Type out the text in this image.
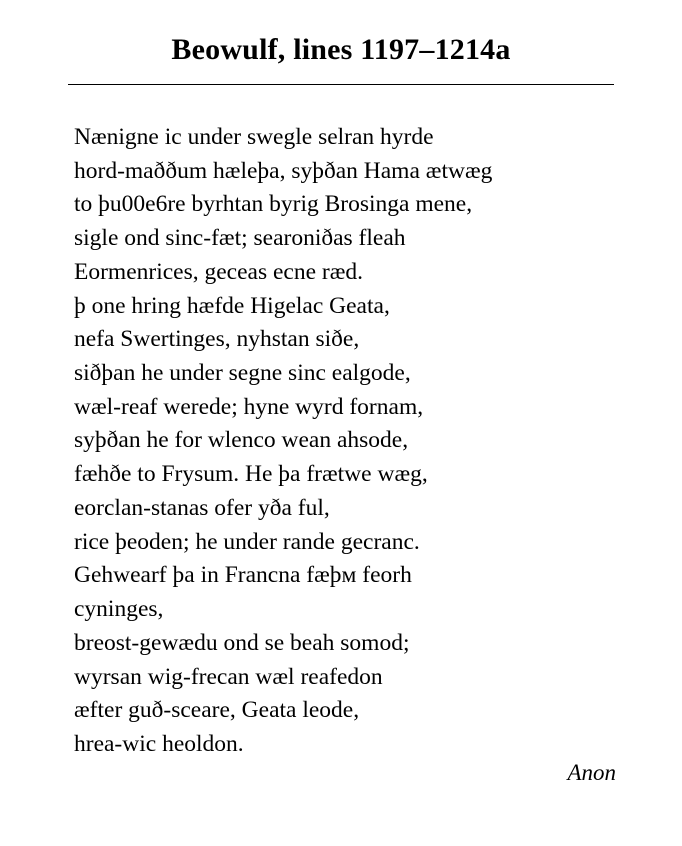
Beowulf, lines 1197–1214a
Nænigne ic under swegle selran hyrde
hord-maððum hæleþa, syþðan Hama ætwæg
to þu00e6re byrhtan byrig Brosinga mene,
sigle ond sinc-fæt; searoniðas fleah
Eormenrices, geceas ecne ræd.
þ one hring hæfde Higelac Geata,
nefa Swertinges, nyhstan siðe,
siðþan he under segne sinc ealgode,
wæl-reaf werede; hyne wyrd fornam,
syþðan he for wlenco wean ahsode,
fæhðe to Frysum. He þa frætwe wæg,
eorclan-stanas ofer yða ful,
rice þeoden; he under rande gecranc.
Gehwearf þa in Francna fæþм feorh
cyninges,
breost-gewædu ond se beah somod;
wyrsan wig-frecan wæl reafedon
æfter guð-sceare, Geata leode,
hrea-wic heoldon.
Anon
